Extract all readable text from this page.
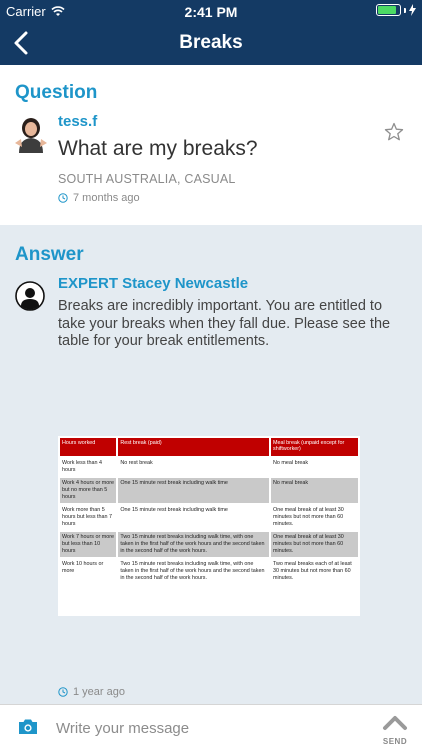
Carrier	2:41 PM
Breaks
Question
tess.f
What are my breaks?
SOUTH AUSTRALIA, CASUAL
7 months ago
Answer
EXPERT Stacey Newcastle
Breaks are incredibly important. You are entitled to take your breaks when they fall due. Please see the table for your break entitlements.
Hours worked	Rest break (paid)	Meal break (unpaid except for shiftworker)
Work less than 4 hours	No rest break	No meal break
Work 4 hours or more but no more than 5 hours	One 15 minute rest break including walk time	No meal break
Work more than 5 hours but less than 7 hours	One 15 minute rest break including walk time	One meal break of at least 30 minutes but not more than 60 minutes.
Work 7 hours or more but less than 10 hours	Two 15 minute rest breaks including walk time, with one taken in the first half of the work hours and the second taken in the second half of the work hours.	One meal break of at least 30 minutes but not more than 60 minutes.
Work 10 hours or more	Two 15 minute rest breaks including walk time, with one taken in the first half of the work hours and the second taken in the second half of the work hours.	Two meal breaks each of at least 30 minutes but not more than 60 minutes.
1 year ago
Write your message
SEND
